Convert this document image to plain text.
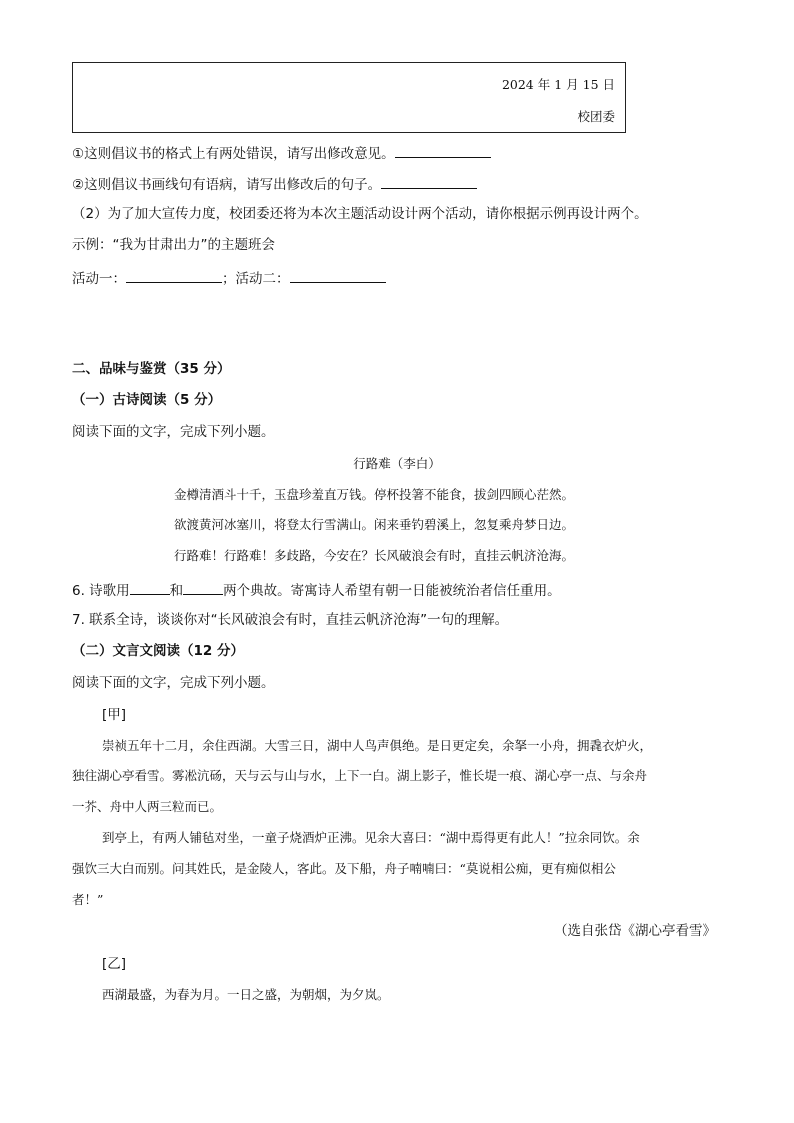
2024 年 1 月 15 日
校团委
①这则倡议书的格式上有两处错误，请写出修改意见。
②这则倡议书画线句有语病，请写出修改后的句子。
（2）为了加大宣传力度，校团委还将为本次主题活动设计两个活动，请你根据示例再设计两个。
示例：“我为甘肃出力”的主题班会
活动一：	；活动二：
二、品味与鉴赏（35 分）
（一）古诗阅读（5 分）
阅读下面的文字，完成下列小题。
行路难（李白）
金樽清酒斗十千，玉盘珍羞直万钱。停杯投箸不能食，拔剑四顾心茫然。
欲渡黄河冰塞川，将登太行雪满山。闲来垂钓碧溪上，忽复乘舟梦日边。
行路难！行路难！多歧路，今安在？长风破浪会有时，直挂云帆济沧海。
6. 诗歌用	和	两个典故。寄寓诗人希望有朝一日能被统治者信任重用。
7. 联系全诗，谈谈你对“长风破浪会有时，直挂云帆济沧海”一句的理解。
（二）文言文阅读（12 分）
阅读下面的文字，完成下列小题。
[甲]
崇祯五年十二月，余住西湖。大雪三日，湖中人鸟声俱绝。是日更定矣，余拏一小舟，拥毳衣炉火，
独往湖心亭看雪。雾凇沆砀，天与云与山与水，上下一白。湖上影子，惟长堤一痕、湖心亭一点、与余舟
一芥、舟中人两三粒而已。
到亭上，有两人铺毡对坐，一童子烧酒炉正沸。见余大喜曰：“湖中焉得更有此人！”拉余同饮。余
强饮三大白而别。问其姓氏，是金陵人，客此。及下船，舟子喃喃曰：“莫说相公痴，更有痴似相公
者！”
（选自张岱《湖心亭看雪》
[乙]
西湖最盛，为春为月。一日之盛，为朝烟，为夕岚。
